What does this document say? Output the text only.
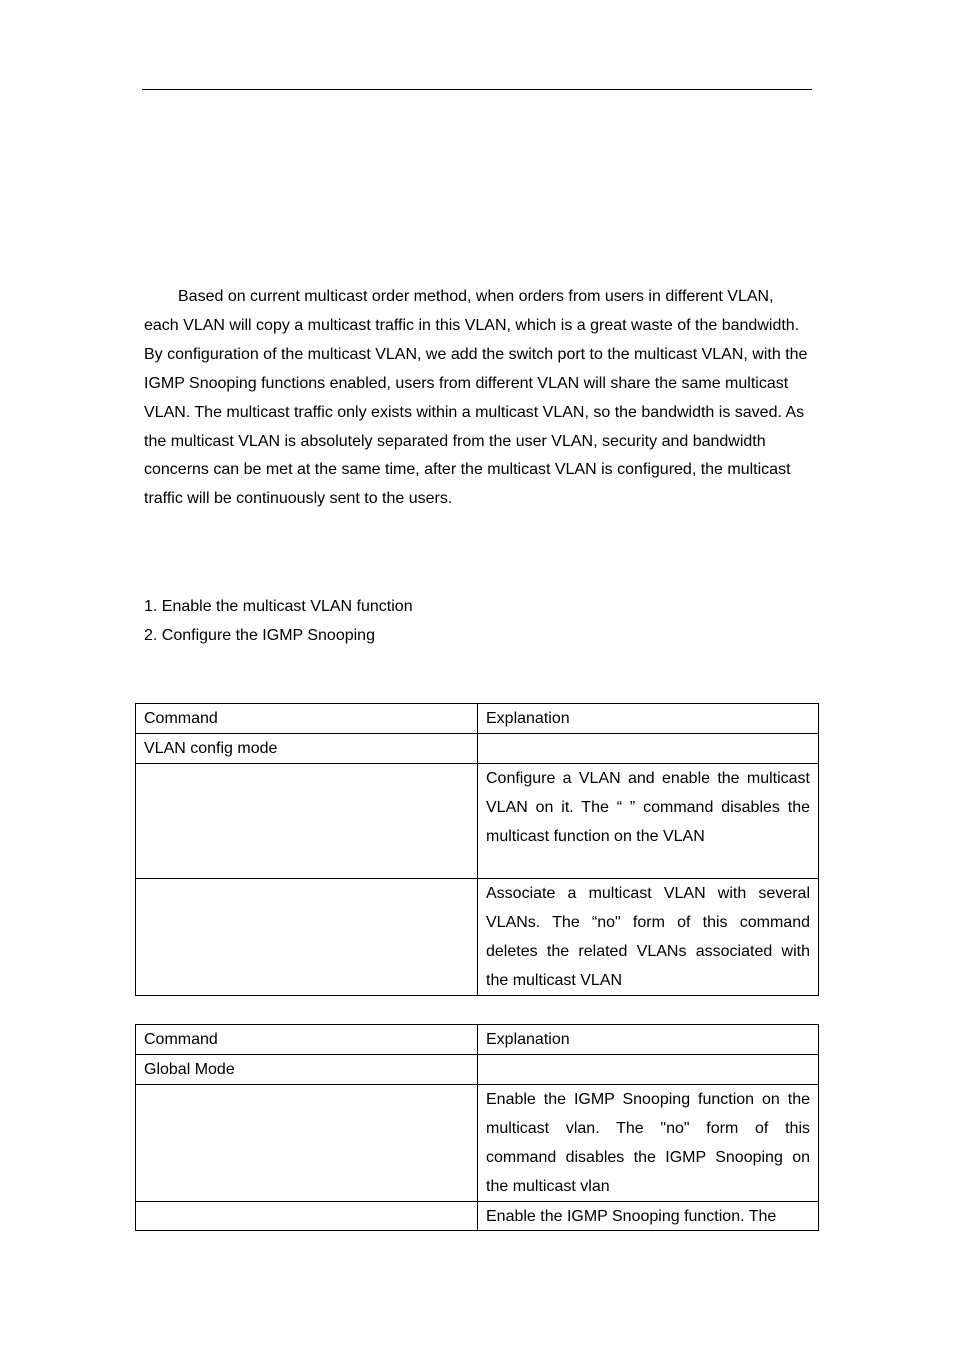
Based on current multicast order method, when orders from users in different VLAN, each VLAN will copy a multicast traffic in this VLAN, which is a great waste of the bandwidth. By configuration of the multicast VLAN, we add the switch port to the multicast VLAN, with the IGMP Snooping functions enabled, users from different VLAN will share the same multicast VLAN. The multicast traffic only exists within a multicast VLAN, so the bandwidth is saved. As the multicast VLAN is absolutely separated from the user VLAN, security and bandwidth concerns can be met at the same time, after the multicast VLAN is configured, the multicast traffic will be continuously sent to the users.

1. Enable the multicast VLAN function
2. Configure the IGMP Snooping
Command	Explanation
VLAN config mode	
	Configure a VLAN and enable the multicast VLAN on it. The “ ” command disables the multicast function on the VLAN
	Associate a multicast VLAN with several VLANs. The “no" form of this command deletes the related VLANs associated with the multicast VLAN
Command	Explanation
Global Mode	
	Enable the IGMP Snooping function on the multicast vlan. The "no" form of this command disables the IGMP Snooping on the multicast vlan

	Enable the IGMP Snooping function. The
